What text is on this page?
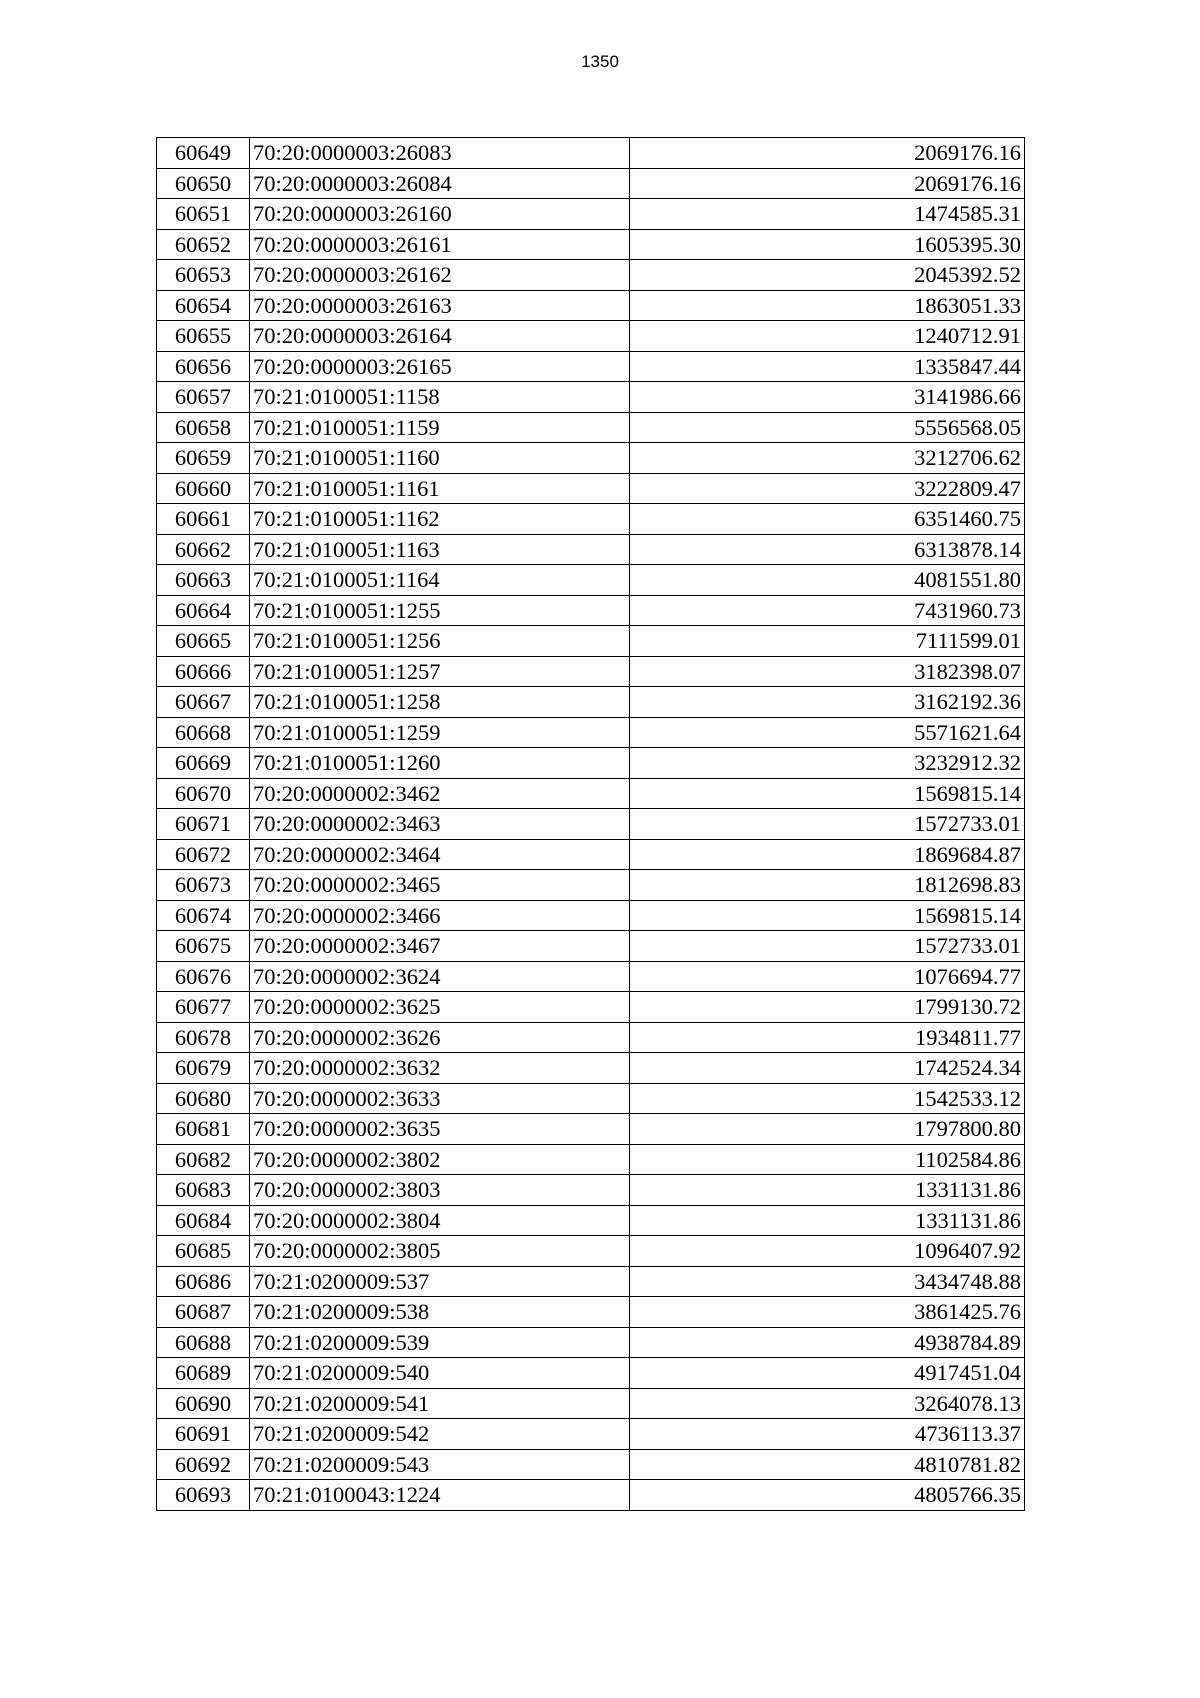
1350
60649	70:20:0000003:26083	2069176.16
60650	70:20:0000003:26084	2069176.16
60651	70:20:0000003:26160	1474585.31
60652	70:20:0000003:26161	1605395.30
60653	70:20:0000003:26162	2045392.52
60654	70:20:0000003:26163	1863051.33
60655	70:20:0000003:26164	1240712.91
60656	70:20:0000003:26165	1335847.44
60657	70:21:0100051:1158	3141986.66
60658	70:21:0100051:1159	5556568.05
60659	70:21:0100051:1160	3212706.62
60660	70:21:0100051:1161	3222809.47
60661	70:21:0100051:1162	6351460.75
60662	70:21:0100051:1163	6313878.14
60663	70:21:0100051:1164	4081551.80
60664	70:21:0100051:1255	7431960.73
60665	70:21:0100051:1256	7111599.01
60666	70:21:0100051:1257	3182398.07
60667	70:21:0100051:1258	3162192.36
60668	70:21:0100051:1259	5571621.64
60669	70:21:0100051:1260	3232912.32
60670	70:20:0000002:3462	1569815.14
60671	70:20:0000002:3463	1572733.01
60672	70:20:0000002:3464	1869684.87
60673	70:20:0000002:3465	1812698.83
60674	70:20:0000002:3466	1569815.14
60675	70:20:0000002:3467	1572733.01
60676	70:20:0000002:3624	1076694.77
60677	70:20:0000002:3625	1799130.72
60678	70:20:0000002:3626	1934811.77
60679	70:20:0000002:3632	1742524.34
60680	70:20:0000002:3633	1542533.12
60681	70:20:0000002:3635	1797800.80
60682	70:20:0000002:3802	1102584.86
60683	70:20:0000002:3803	1331131.86
60684	70:20:0000002:3804	1331131.86
60685	70:20:0000002:3805	1096407.92
60686	70:21:0200009:537	3434748.88
60687	70:21:0200009:538	3861425.76
60688	70:21:0200009:539	4938784.89
60689	70:21:0200009:540	4917451.04
60690	70:21:0200009:541	3264078.13
60691	70:21:0200009:542	4736113.37
60692	70:21:0200009:543	4810781.82
60693	70:21:0100043:1224	4805766.35
